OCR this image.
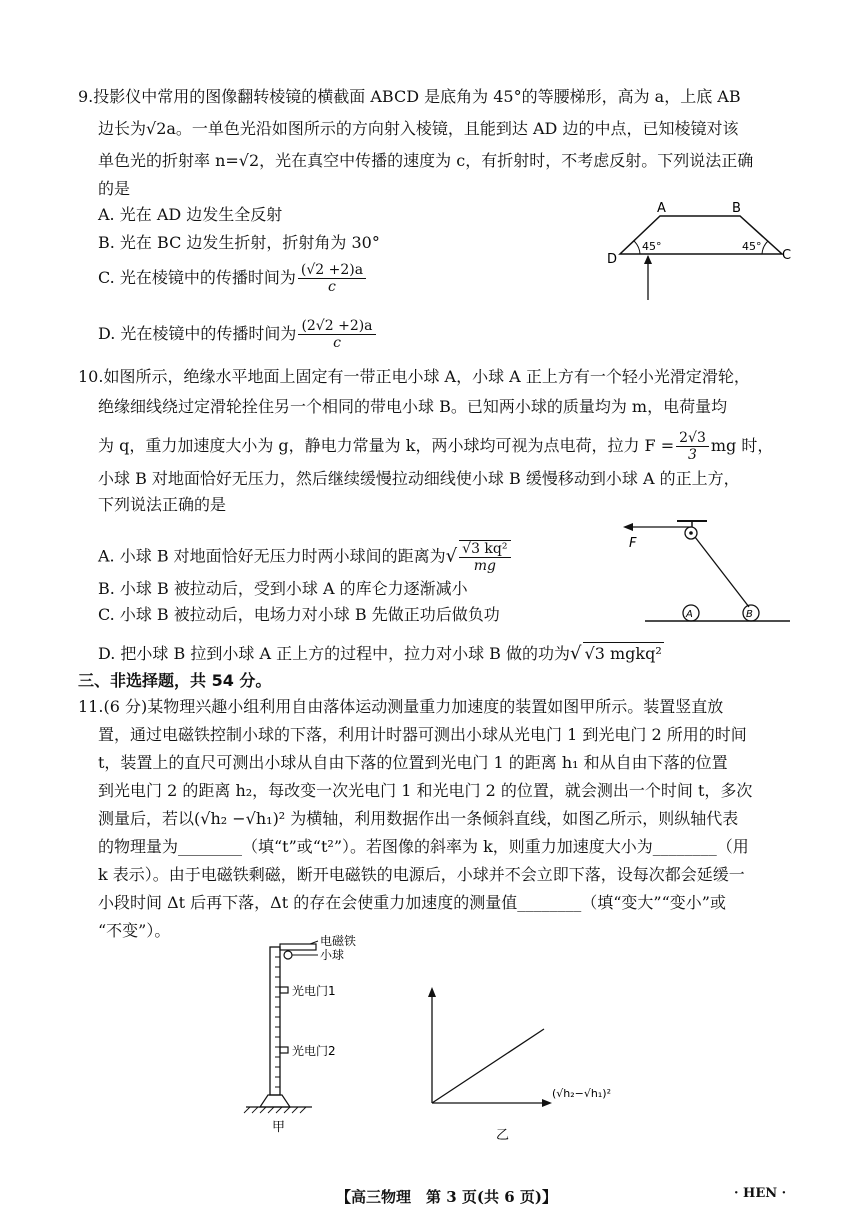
9.投影仪中常用的图像翻转棱镜的横截面 ABCD 是底角为 45°的等腰梯形，高为 a，上底 AB
边长为√2a。一单色光沿如图所示的方向射入棱镜，且能到达 AD 边的中点，已知棱镜对该
单色光的折射率 n=√2，光在真空中传播的速度为 c，有折射时，不考虑反射。下列说法正确
的是
A. 光在 AD 边发生全反射
B. 光在 BC 边发生折射，折射角为 30°
C. 光在棱镜中的传播时间为 $\frac{(√2 +2)a}{c}$
D. 光在棱镜中的传播时间为 $\frac{(2√2 +2)a}{c}$
A	B
C
D
45°	45°
10.如图所示，绝缘水平地面上固定有一带正电小球 A，小球 A 正上方有一个轻小光滑定滑轮，
绝缘细线绕过定滑轮拴住另一个相同的带电小球 B。已知两小球的质量均为 m，电荷量均
为 q，重力加速度大小为 g，静电力常量为 k，两小球均可视为点电荷，拉力 $F = \frac{2√3}{3}$ mg 时，
小球 B 对地面恰好无压力，然后继续缓慢拉动细线使小球 B 缓慢移动到小球 A 的正上方，
下列说法正确的是
A. 小球 B 对地面恰好无压力时两小球间的距离为√ $\frac{\text{√3 kq²}}{mg}$
B. 小球 B 被拉动后，受到小球 A 的库仑力逐渐减小
C. 小球 B 被拉动后，电场力对小球 B 先做正功后做负功
D. 把小球 B 拉到小球 A 正上方的过程中，拉力对小球 B 做的功为√ √3 mgkq²
F
A	B
三、非选择题，共 54 分。
11.(6 分)某物理兴趣小组利用自由落体运动测量重力加速度的装置如图甲所示。装置竖直放
置，通过电磁铁控制小球的下落，利用计时器可测出小球从光电门 1 到光电门 2 所用的时间
t，装置上的直尺可测出小球从自由下落的位置到光电门 1 的距离 h₁ 和从自由下落的位置
到光电门 2 的距离 h₂，每改变一次光电门 1 和光电门 2 的位置，就会测出一个时间 t，多次
测量后，若以(√h₂ −√h₁)² 为横轴，利用数据作出一条倾斜直线，如图乙所示，则纵轴代表
的物理量为________（填“t”或“t²”）。若图像的斜率为 k，则重力加速度大小为________（用
k 表示）。由于电磁铁剩磁，断开电磁铁的电源后，小球并不会立即下落，设每次都会延缓一
小段时间 Δt 后再下落，Δt 的存在会使重力加速度的测量值________（填“变大”“变小”或
“不变”）。
电磁铁
小球
光电门1
光电门2
甲
(√h₂−√h₁)²
乙
【高三物理　第 3 页(共 6 页)】	· HEN ·
